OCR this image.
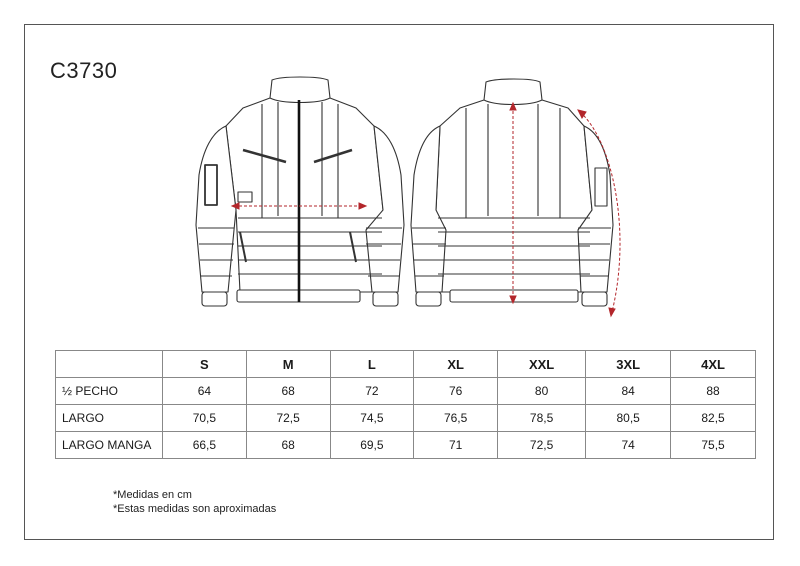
C3730
	S	M	L	XL	XXL	3XL	4XL
½ PECHO	64	68	72	76	80	84	88
LARGO	70,5	72,5	74,5	76,5	78,5	80,5	82,5
LARGO MANGA	66,5	68	69,5	71	72,5	74	75,5
*Medidas en cm
*Estas medidas son aproximadas
